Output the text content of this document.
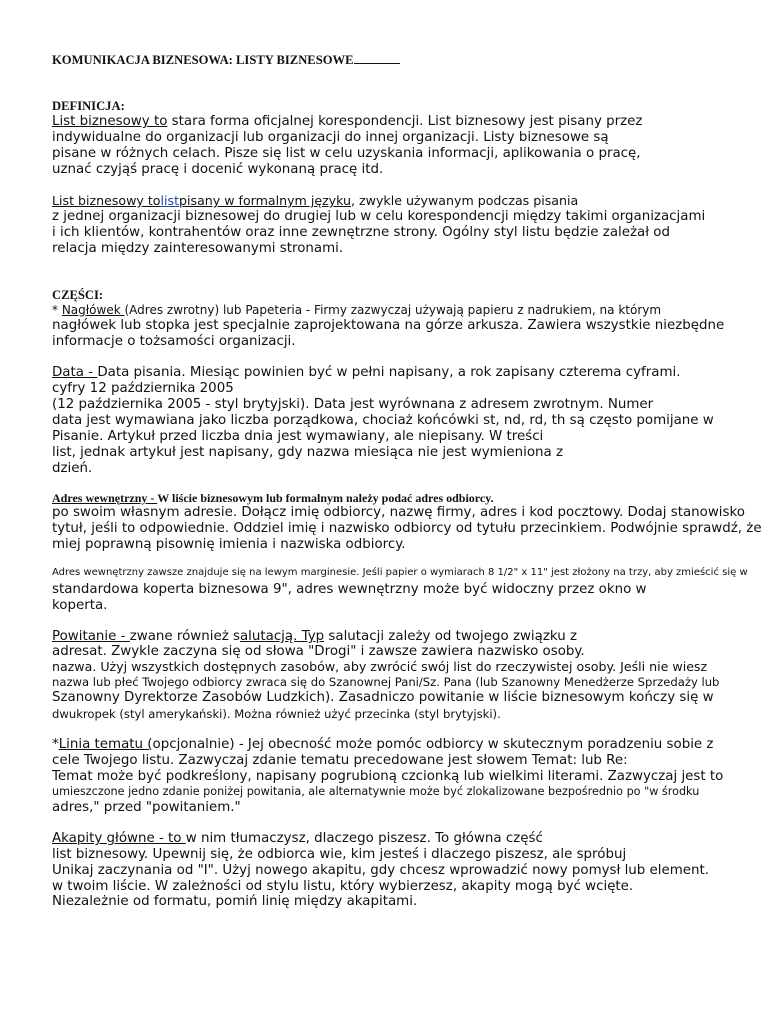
KOMUNIKACJA BIZNESOWA: LISTY BIZNESOWE
DEFINICJA:
List biznesowy to stara forma oficjalnej korespondencji. List biznesowy jest pisany przez
indywidualne do organizacji lub organizacji do innej organizacji. Listy biznesowe są
pisane w różnych celach. Pisze się list w celu uzyskania informacji, aplikowania o pracę,
uznać czyjąś pracę i docenić wykonaną pracę itd.
List biznesowy tolistpisany w formalnym języku, zwykle używanym podczas pisania
z jednej organizacji biznesowej do drugiej lub w celu korespondencji między takimi organizacjami
i ich klientów, kontrahentów oraz inne zewnętrzne strony. Ogólny styl listu będzie zależał od
relacja między zainteresowanymi stronami.
CZĘŚCI:
* Nagłówek (Adres zwrotny) lub Papeteria - Firmy zazwyczaj używają papieru z nadrukiem, na którym
nagłówek lub stopka jest specjalnie zaprojektowana na górze arkusza. Zawiera wszystkie niezbędne
informacje o tożsamości organizacji.
Data - Data pisania. Miesiąc powinien być w pełni napisany, a rok zapisany czterema cyframi.
cyfry 12 października 2005
(12 października 2005 - styl brytyjski). Data jest wyrównana z adresem zwrotnym. Numer
data jest wymawiana jako liczba porządkowa, chociaż końcówki st, nd, rd, th są często pomijane w
Pisanie. Artykuł przed liczba dnia jest wymawiany, ale niepisany. W treści
list, jednak artykuł jest napisany, gdy nazwa miesiąca nie jest wymieniona z
dzień.
Adres wewnętrzny - W liście biznesowym lub formalnym należy podać adres odbiorcy.
po swoim własnym adresie. Dołącz imię odbiorcy, nazwę firmy, adres i kod pocztowy. Dodaj stanowisko
tytuł, jeśli to odpowiednie. Oddziel imię i nazwisko odbiorcy od tytułu przecinkiem. Podwójnie sprawdź, że
miej poprawną pisownię imienia i nazwiska odbiorcy.
Adres wewnętrzny zawsze znajduje się na lewym marginesie. Jeśli papier o wymiarach 8 1/2" x 11" jest złożony na trzy, aby zmieścić się w
standardowa koperta biznesowa 9", adres wewnętrzny może być widoczny przez okno w
koperta.
Powitanie - zwane również salutacją. Typ salutacji zależy od twojego związku z
adresat. Zwykle zaczyna się od słowa "Drogi" i zawsze zawiera nazwisko osoby.
nazwa. Użyj wszystkich dostępnych zasobów, aby zwrócić swój list do rzeczywistej osoby. Jeśli nie wiesz
nazwa lub płeć Twojego odbiorcy zwraca się do Szanownej Pani/Sz. Pana (lub Szanowny Menedżerze Sprzedaży lub
Szanowny Dyrektorze Zasobów Ludzkich). Zasadniczo powitanie w liście biznesowym kończy się w
dwukropek (styl amerykański). Można również użyć przecinka (styl brytyjski).
*Linia tematu (opcjonalnie) - Jej obecność może pomóc odbiorcy w skutecznym poradzeniu sobie z
cele Twojego listu. Zazwyczaj zdanie tematu precedowane jest słowem Temat: lub Re:
Temat może być podkreślony, napisany pogrubioną czcionką lub wielkimi literami. Zazwyczaj jest to
umieszczone jedno zdanie poniżej powitania, ale alternatywnie może być zlokalizowane bezpośrednio po "w środku
adres," przed "powitaniem."
Akapity główne - to w nim tłumaczysz, dlaczego piszesz. To główna część
list biznesowy. Upewnij się, że odbiorca wie, kim jesteś i dlaczego piszesz, ale spróbuj
Unikaj zaczynania od "I". Użyj nowego akapitu, gdy chcesz wprowadzić nowy pomysł lub element.
w twoim liście. W zależności od stylu listu, który wybierzesz, akapity mogą być wcięte.
Niezależnie od formatu, pomiń linię między akapitami.
